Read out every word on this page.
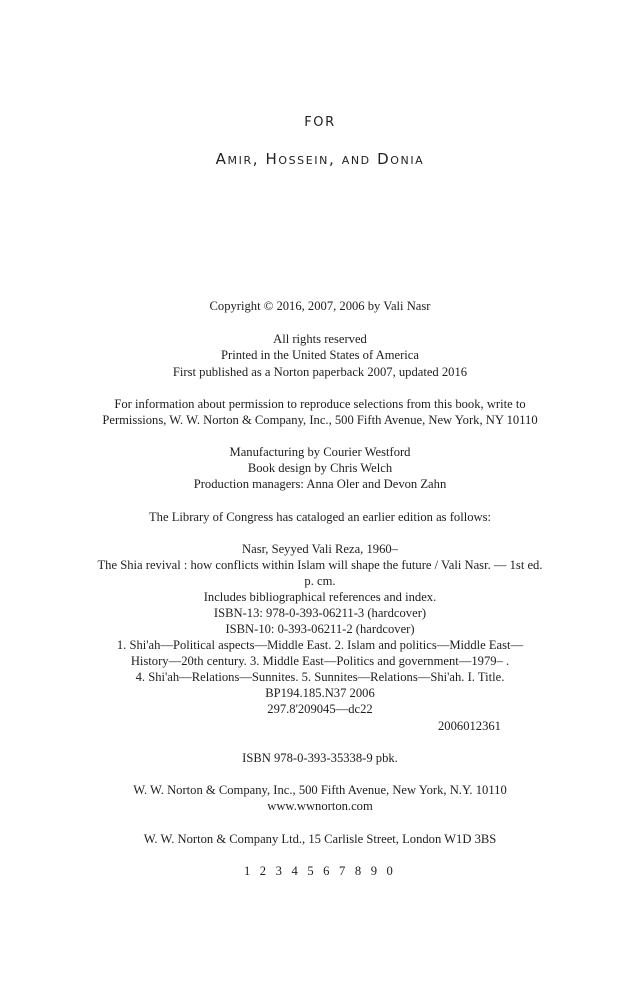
FOR
Amir, Hossein, and Donia
Copyright © 2016, 2007, 2006 by Vali Nasr
All rights reserved
Printed in the United States of America
First published as a Norton paperback 2007, updated 2016
For information about permission to reproduce selections from this book, write to
Permissions, W. W. Norton & Company, Inc., 500 Fifth Avenue, New York, NY 10110
Manufacturing by Courier Westford
Book design by Chris Welch
Production managers: Anna Oler and Devon Zahn
The Library of Congress has cataloged an earlier edition as follows:
Nasr, Seyyed Vali Reza, 1960–
The Shia revival : how conflicts within Islam will shape the future / Vali Nasr. — 1st ed.
p. cm.
Includes bibliographical references and index.
ISBN-13: 978-0-393-06211-3 (hardcover)
ISBN-10: 0-393-06211-2 (hardcover)
1. Shi'ah—Political aspects—Middle East. 2. Islam and politics—Middle East—
History—20th century. 3. Middle East—Politics and government—1979– .
4. Shi'ah—Relations—Sunnites. 5. Sunnites—Relations—Shi'ah. I. Title.
BP194.185.N37 2006
297.8'209045—dc22
2006012361
ISBN 978-0-393-35338-9 pbk.
W. W. Norton & Company, Inc., 500 Fifth Avenue, New York, N.Y. 10110
www.wwnorton.com
W. W. Norton & Company Ltd., 15 Carlisle Street, London W1D 3BS
1 2 3 4 5 6 7 8 9 0
